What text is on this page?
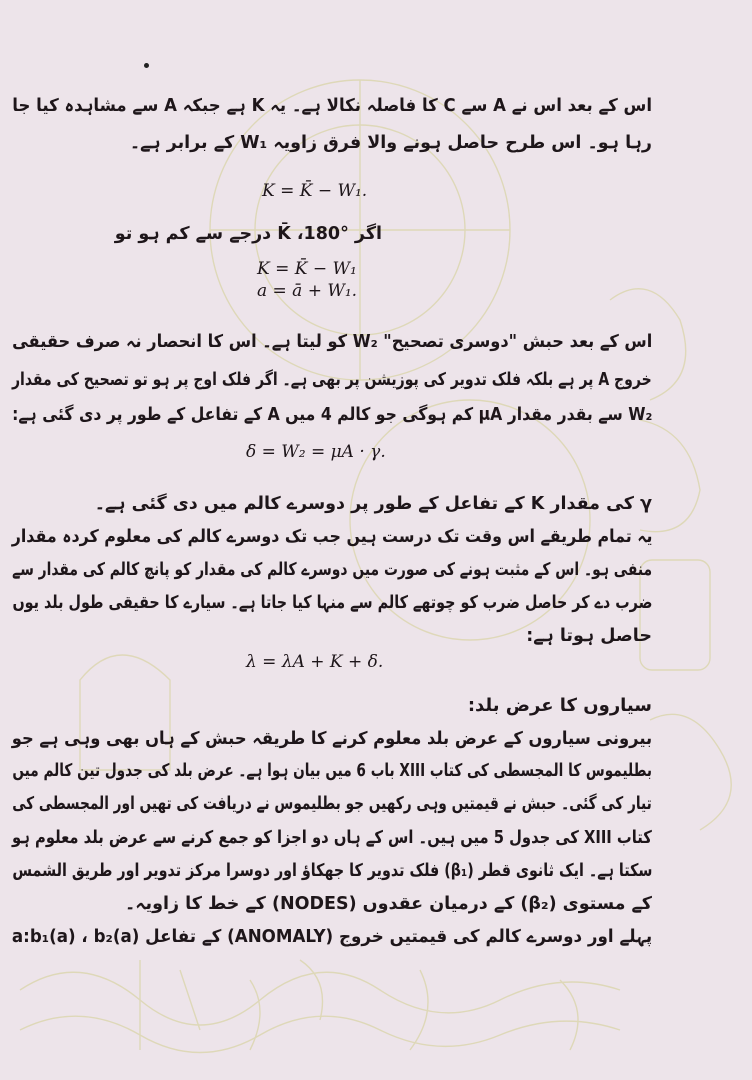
اس کے بعد اس نے A سے C کا فاصلہ نکالا ہے۔ یہ K ہے جبکہ A سے مشاہدہ کیا جا
رہا ہو۔ اس طرح حاصل ہونے والا فرق زاویہ W₁ کے برابر ہے۔
K = K̄ − W₁.
اگر K̄ ،180° درجے سے کم ہو تو
K = K̄ − W₁
a = ā + W₁.
اس کے بعد حبش "دوسری تصحیح" W₂ کو لیتا ہے۔ اس کا انحصار نہ صرف حقیقی
خروج A پر ہے بلکہ فلک تدویر کی پوزیشن پر بھی ہے۔ اگر فلک اوج پر ہو تو تصحیح کی مقدار
W₂ سے بقدر مقدار μA کم ہوگی جو کالم 4 میں A کے تفاعل کے طور پر دی گئی ہے:
δ = W₂ = μA · γ.
γ کی مقدار K کے تفاعل کے طور پر دوسرے کالم میں دی گئی ہے۔
یہ تمام طریقے اس وقت تک درست ہیں جب تک دوسرے کالم کی معلوم کردہ مقدار
منفی ہو۔ اس کے مثبت ہونے کی صورت میں دوسرے کالم کی مقدار کو پانچ کالم کی مقدار سے
ضرب دے کر حاصل ضرب کو چوتھے کالم سے منہا کیا جاتا ہے۔ سیارے کا حقیقی طول بلد یوں
حاصل ہوتا ہے:
λ = λA + K + δ.
سیاروں کا عرض بلد:
بیرونی سیاروں کے عرض بلد معلوم کرنے کا طریقہ حبش کے ہاں بھی وہی ہے جو
بطلیموس کا المجسطی کی کتاب XIII باب 6 میں بیان ہوا ہے۔ عرض بلد کی جدول تین کالم میں
تیار کی گئی۔ حبش نے قیمتیں وہی رکھیں جو بطلیموس نے دریافت کی تھیں اور المجسطی کی
کتاب XIII کی جدول 5 میں ہیں۔ اس کے ہاں دو اجزا کو جمع کرنے سے عرض بلد معلوم ہو
سکتا ہے۔ ایک ثانوی قطر (β₁) فلک تدویر کا جھکاؤ اور دوسرا مرکز تدویر اور طریق الشمس
کے مستوی (β₂) کے درمیان عقدوں (NODES) کے خط کا زاویہ۔
پہلے اور دوسرے کالم کی قیمتیں خروج (ANOMALY) کے تفاعل a:b₁(a) ، b₂(a)
